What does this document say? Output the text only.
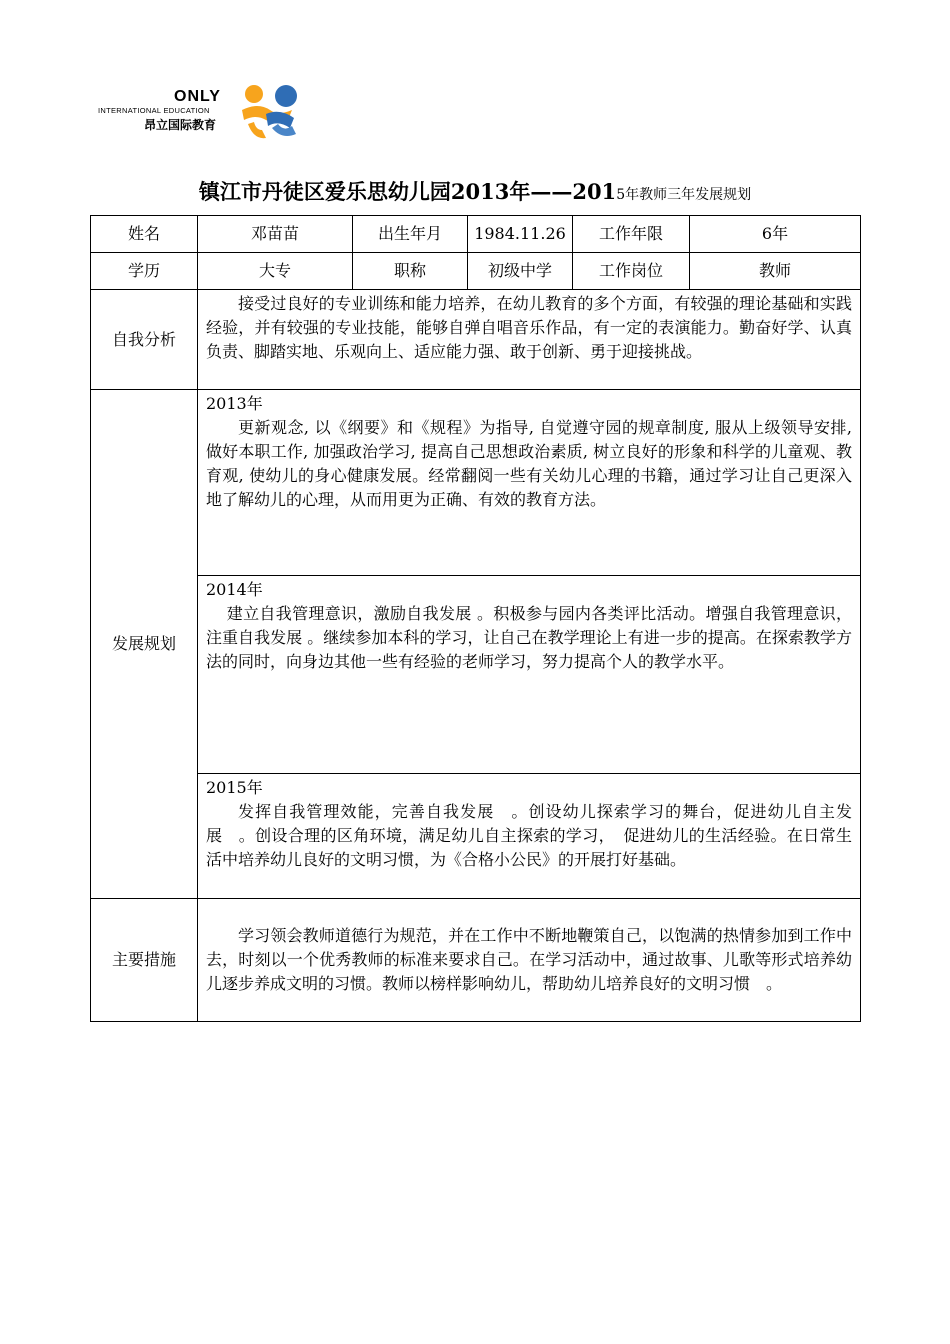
ONLY
INTERNATIONAL EDUCATION
昂立国际教育
镇江市丹徒区爱乐思幼儿园2013年——2015年教师三年发展规划
姓名	邓苗苗	出生年月	1984.11.26	工作年限	6年
学历	大专	职称	初级中学	工作岗位	教师
自我分析	接受过良好的专业训练和能力培养，在幼儿教育的多个方面，有较强的理论基础和实践经验，并有较强的专业技能，能够自弹自唱音乐作品，有一定的表演能力。勤奋好学、认真负责、脚踏实地、乐观向上、适应能力强、敢于创新、勇于迎接挑战。				

发展规划	2013年
更新观念, 以《纲要》和《规程》为指导, 自觉遵守园的规章制度, 服从上级领导安排, 做好本职工作, 加强政治学习, 提高自己思想政治素质, 树立良好的形象和科学的儿童观、教育观, 使幼儿的身心健康发展。经常翻阅一些有关幼儿心理的书籍，通过学习让自己更深入地了解幼儿的心理，从而用更为正确、有效的教育方法。				

	2014年
建立自我管理意识，激励自我发展 。积极参与园内各类评比活动。增强自我管理意识，注重自我发展 。继续参加本科的学习，让自己在教学理论上有进一步的提高。在探索教学方法的同时，向身边其他一些有经验的老师学习，努力提高个人的教学水平。				

	2015年
发挥自我管理效能，完善自我发展　。创设幼儿探索学习的舞台，促进幼儿自主发展　。创设合理的区角环境，满足幼儿自主探索的学习，　促进幼儿的生活经验。在日常生活中培养幼儿良好的文明习惯，为《合格小公民》的开展打好基础。				

主要措施	学习领会教师道德行为规范，并在工作中不断地鞭策自己，以饱满的热情参加到工作中去，时刻以一个优秀教师的标准来要求自己。在学习活动中，通过故事、儿歌等形式培养幼儿逐步养成文明的习惯。教师以榜样影响幼儿，帮助幼儿培养良好的文明习惯　。				
